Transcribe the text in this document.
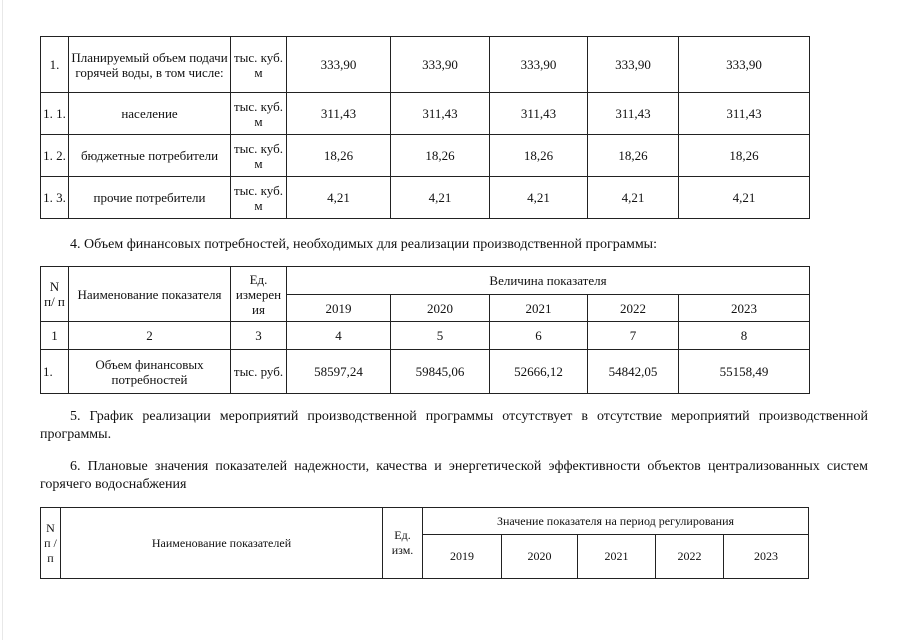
1.	Планируемый объем подачи горячей воды, в том числе:	тыс. куб. м	333,90	333,90	333,90	333,90	333,90
1. 1.	население	тыс. куб. м	311,43	311,43	311,43	311,43	311,43
1. 2.	бюджетные потребители	тыс. куб. м	18,26	18,26	18,26	18,26	18,26
1. 3.	прочие потребители	тыс. куб. м	4,21	4,21	4,21	4,21	4,21

4. Объем финансовых потребностей, необходимых для реализации производственной программы:

N п/ п	Наименование показателя	Ед. измерен ия	Величина показателя				
			2019	2020	2021	2022	2023
1	2	3	4	5	6	7	8
1.	Объем финансовых потребностей	тыс. руб.	58597,24	59845,06	52666,12	54842,05	55158,49

5. График реализации мероприятий производственной программы отсутствует в отсутствие мероприятий производственной программы.

6. Плановые значения показателей надежности, качества и энергетической эффективности объектов централизованных систем горячего водоснабжения

N п / п	Наименование показателей	Ед. изм.	Значение показателя на период регулирования				
			2019	2020	2021	2022	2023
